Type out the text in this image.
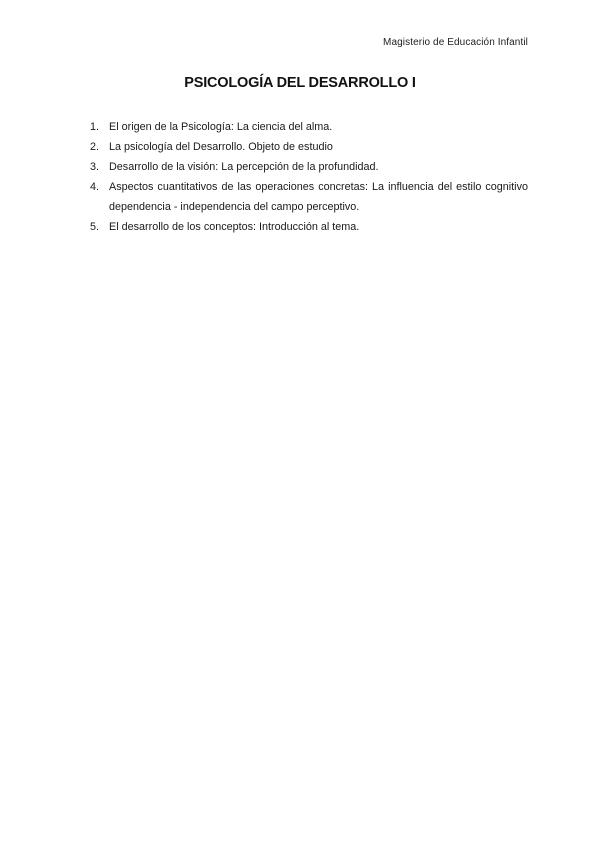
Magisterio de Educación Infantil
PSICOLOGÍA DEL DESARROLLO I
1. El origen de la Psicología: La ciencia del alma.
2. La psicología del Desarrollo. Objeto de estudio
3. Desarrollo de la visión: La percepción de la profundidad.
4. Aspectos cuantitativos de las operaciones concretas: La influencia del estilo cognitivo dependencia - independencia del campo perceptivo.
5. El desarrollo de los conceptos: Introducción al tema.
